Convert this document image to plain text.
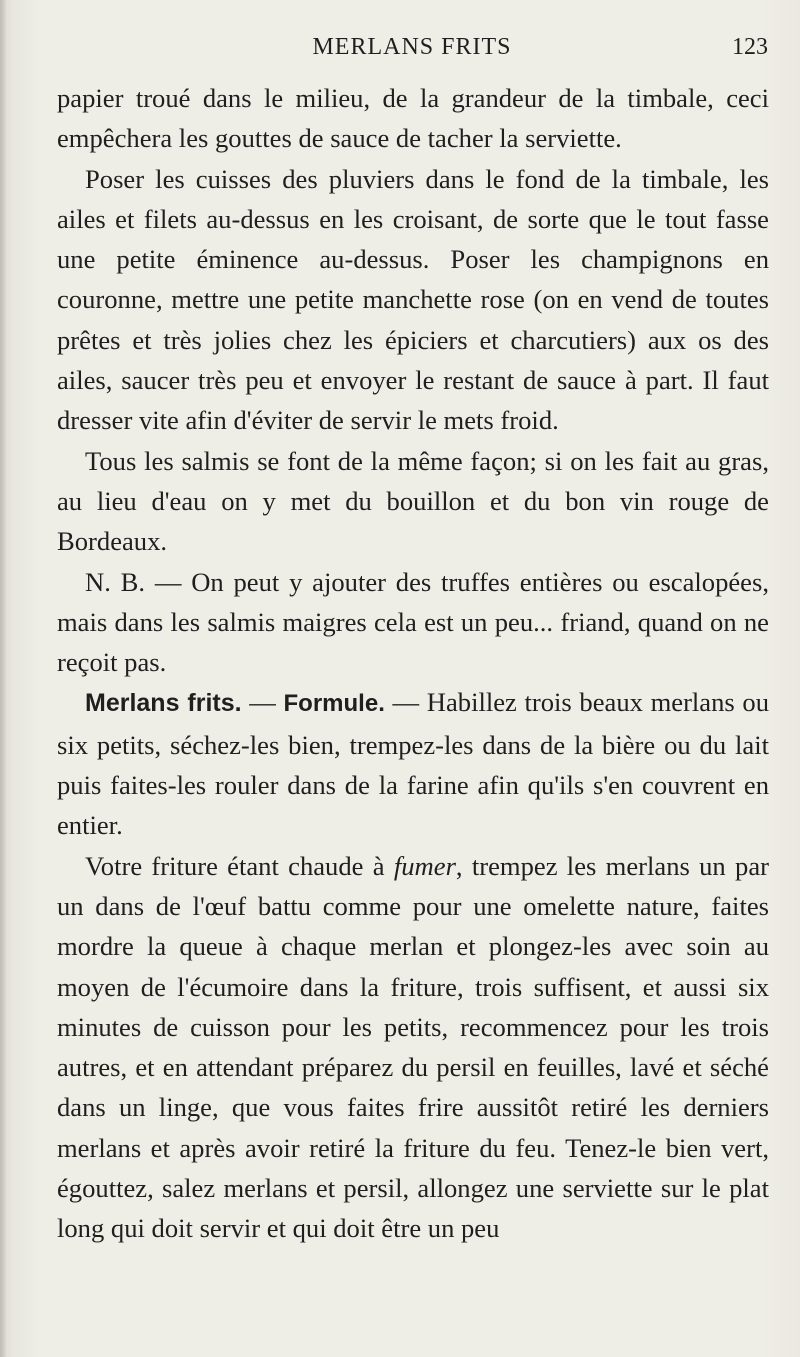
MERLANS FRITS	123

papier troué dans le milieu, de la grandeur de la timbale, ceci empêchera les gouttes de sauce de tacher la serviette.

Poser les cuisses des pluviers dans le fond de la timbale, les ailes et filets au-dessus en les croisant, de sorte que le tout fasse une petite éminence au-dessus. Poser les champignons en couronne, mettre une petite manchette rose (on en vend de toutes prêtes et très jolies chez les épiciers et charcutiers) aux os des ailes, saucer très peu et envoyer le restant de sauce à part. Il faut dresser vite afin d'éviter de servir le mets froid.

Tous les salmis se font de la même façon; si on les fait au gras, au lieu d'eau on y met du bouillon et du bon vin rouge de Bordeaux.

N. B. — On peut y ajouter des truffes entières ou escalopées, mais dans les salmis maigres cela est un peu... friand, quand on ne reçoit pas.

Merlans frits. — Formule. — Habillez trois beaux merlans ou six petits, séchez-les bien, trempez-les dans de la bière ou du lait puis faites-les rouler dans de la farine afin qu'ils s'en couvrent en entier.

Votre friture étant chaude à fumer, trempez les merlans un par un dans de l'œuf battu comme pour une omelette nature, faites mordre la queue à chaque merlan et plongez-les avec soin au moyen de l'écumoire dans la friture, trois suffisent, et aussi six minutes de cuisson pour les petits, recommencez pour les trois autres, et en attendant préparez du persil en feuilles, lavé et séché dans un linge, que vous faites frire aussitôt retiré les derniers merlans et après avoir retiré la friture du feu. Tenez-le bien vert, égouttez, salez merlans et persil, allongez une serviette sur le plat long qui doit servir et qui doit être un peu
